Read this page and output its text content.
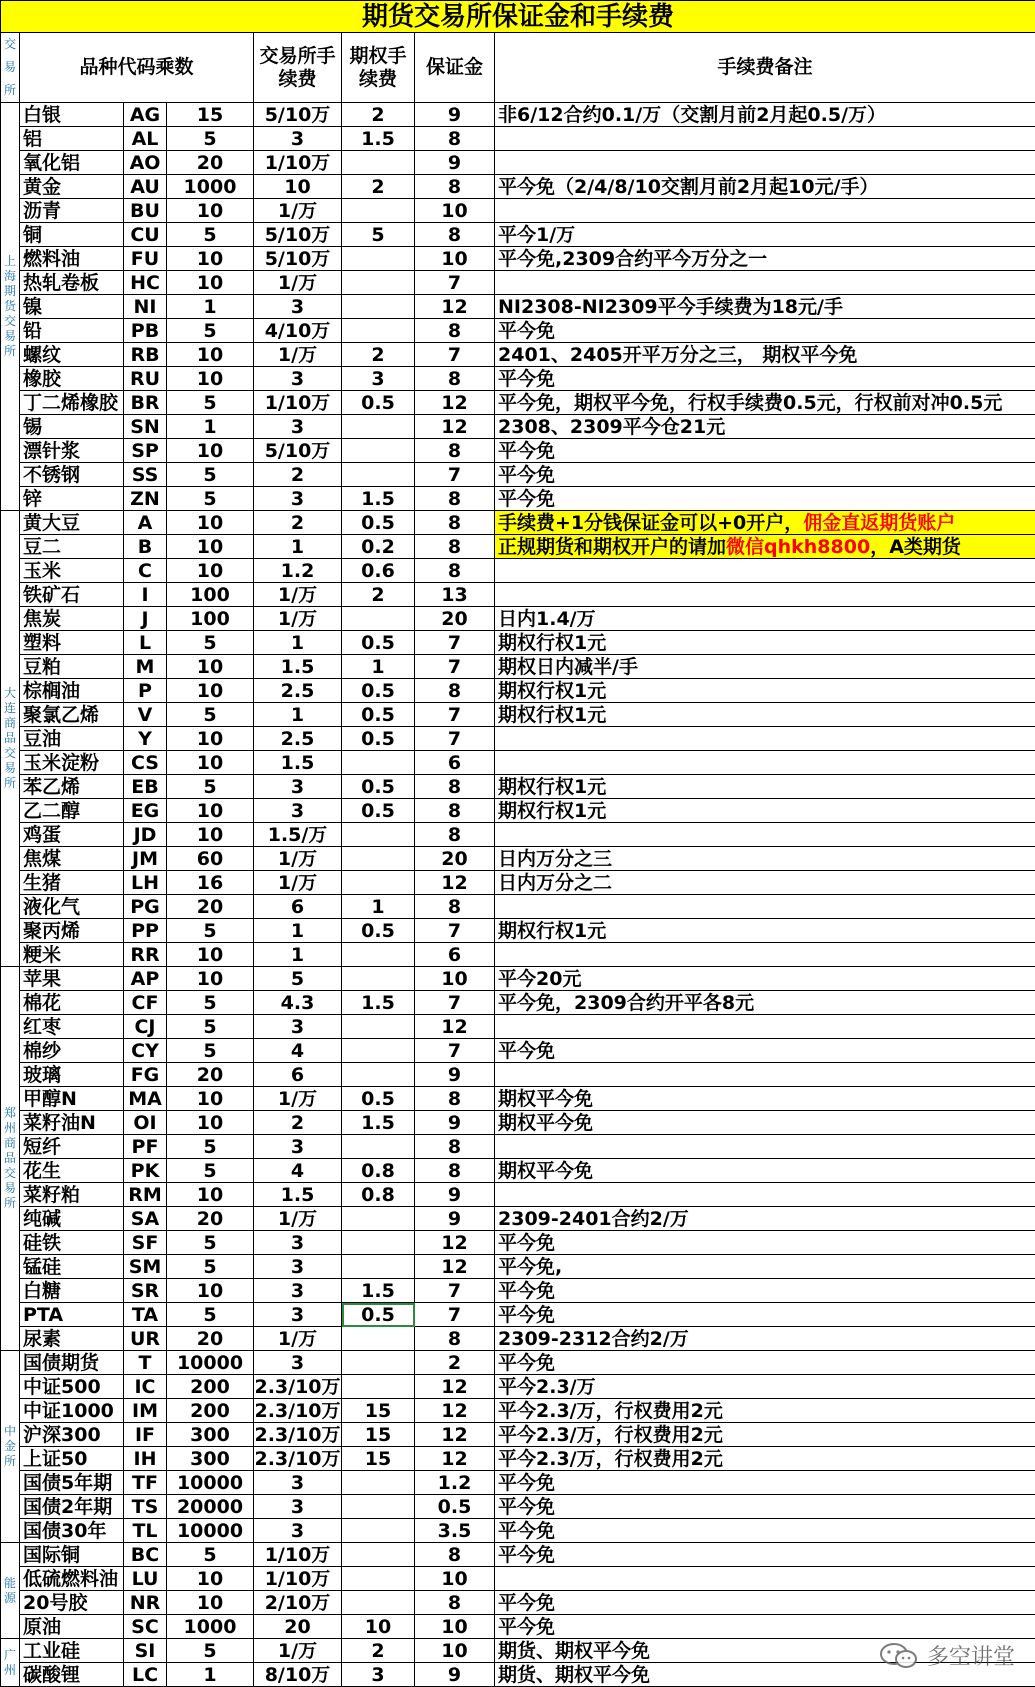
期货交易所保证金和手续费							
交易所	品种代码乘数			交易所手续费	期权手续费	保证金	手续费备注
上海期货交易所	白银	AG	15	5/10万	2	9	非6/12合约0.1/万（交割月前2月起0.5/万）
	铝	AL	5	3	1.5	8	
	氧化铝	AO	20	1/10万		9	
	黄金	AU	1000	10	2	8	平今免（2/4/8/10交割月前2月起10元/手）
	沥青	BU	10	1/万		10	
	铜	CU	5	5/10万	5	8	平今1/万
	燃料油	FU	10	5/10万		10	平今免,2309合约平今万分之一
	热轧卷板	HC	10	1/万		7	
	镍	NI	1	3		12	NI2308-NI2309平今手续费为18元/手
	铅	PB	5	4/10万		8	平今免
	螺纹	RB	10	1/万	2	7	2401、2405开平万分之三， 期权平今免
	橡胶	RU	10	3	3	8	平今免
	丁二烯橡胶	BR	5	1/10万	0.5	12	平今免，期权平今免，行权手续费0.5元，行权前对冲0.5元
	锡	SN	1	3		12	2308、2309平今仓21元
	漂针浆	SP	10	5/10万		8	平今免
	不锈钢	SS	5	2		7	平今免
	锌	ZN	5	3	1.5	8	平今免
大连商品交易所	黄大豆	A	10	2	0.5	8	手续费+1分钱保证金可以+0开户，佣金直返期货账户
	豆二	B	10	1	0.2	8	正规期货和期权开户的请加微信qhkh8800，A类期货
	玉米	C	10	1.2	0.6	8	
	铁矿石	I	100	1/万	2	13	
	焦炭	J	100	1/万		20	日内1.4/万
	塑料	L	5	1	0.5	7	期权行权1元
	豆粕	M	10	1.5	1	7	期权日内减半/手
	棕榈油	P	10	2.5	0.5	8	期权行权1元
	聚氯乙烯	V	5	1	0.5	7	期权行权1元
	豆油	Y	10	2.5	0.5	7	
	玉米淀粉	CS	10	1.5		6	
	苯乙烯	EB	5	3	0.5	8	期权行权1元
	乙二醇	EG	10	3	0.5	8	期权行权1元
	鸡蛋	JD	10	1.5/万		8	
	焦煤	JM	60	1/万		20	日内万分之三
	生猪	LH	16	1/万		12	日内万分之二
	液化气	PG	20	6	1	8	
	聚丙烯	PP	5	1	0.5	7	期权行权1元
	粳米	RR	10	1		6	
郑州商品交易所	苹果	AP	10	5		10	平今20元
	棉花	CF	5	4.3	1.5	7	平今免，2309合约开平各8元
	红枣	CJ	5	3		12	
	棉纱	CY	5	4		7	平今免
	玻璃	FG	20	6		9	
	甲醇N	MA	10	1/万	0.5	8	期权平今免
	菜籽油N	OI	10	2	1.5	9	期权平今免
	短纤	PF	5	3		8	
	花生	PK	5	4	0.8	8	期权平今免
	菜籽粕	RM	10	1.5	0.8	9	
	纯碱	SA	20	1/万		9	2309-2401合约2/万
	硅铁	SF	5	3		12	平今免
	锰硅	SM	5	3		12	平今免,
	白糖	SR	10	3	1.5	7	平今免
	PTA	TA	5	3	0.5	7	平今免
	尿素	UR	20	1/万		8	2309-2312合约2/万
中金所	国债期货	T	10000	3		2	平今免
	中证500	IC	200	2.3/10万		12	平今2.3/万
	中证1000	IM	200	2.3/10万	15	12	平今2.3/万，行权费用2元
	沪深300	IF	300	2.3/10万	15	12	平今2.3/万，行权费用2元
	上证50	IH	300	2.3/10万	15	12	平今2.3/万，行权费用2元
	国债5年期	TF	10000	3		1.2	平今免
	国债2年期	TS	20000	3		0.5	平今免
	国债30年	TL	10000	3		3.5	平今免
能源	国际铜	BC	5	1/10万		8	平今免
	低硫燃料油	LU	10	1/10万		10	
	20号胶	NR	10	2/10万		8	平今免
	原油	SC	1000	20	10	10	平今免
广州	工业硅	SI	5	1/万	2	10	期货、期权平今免
	碳酸锂	LC	1	8/10万	3	9	期货、期权平今免
多空讲堂
